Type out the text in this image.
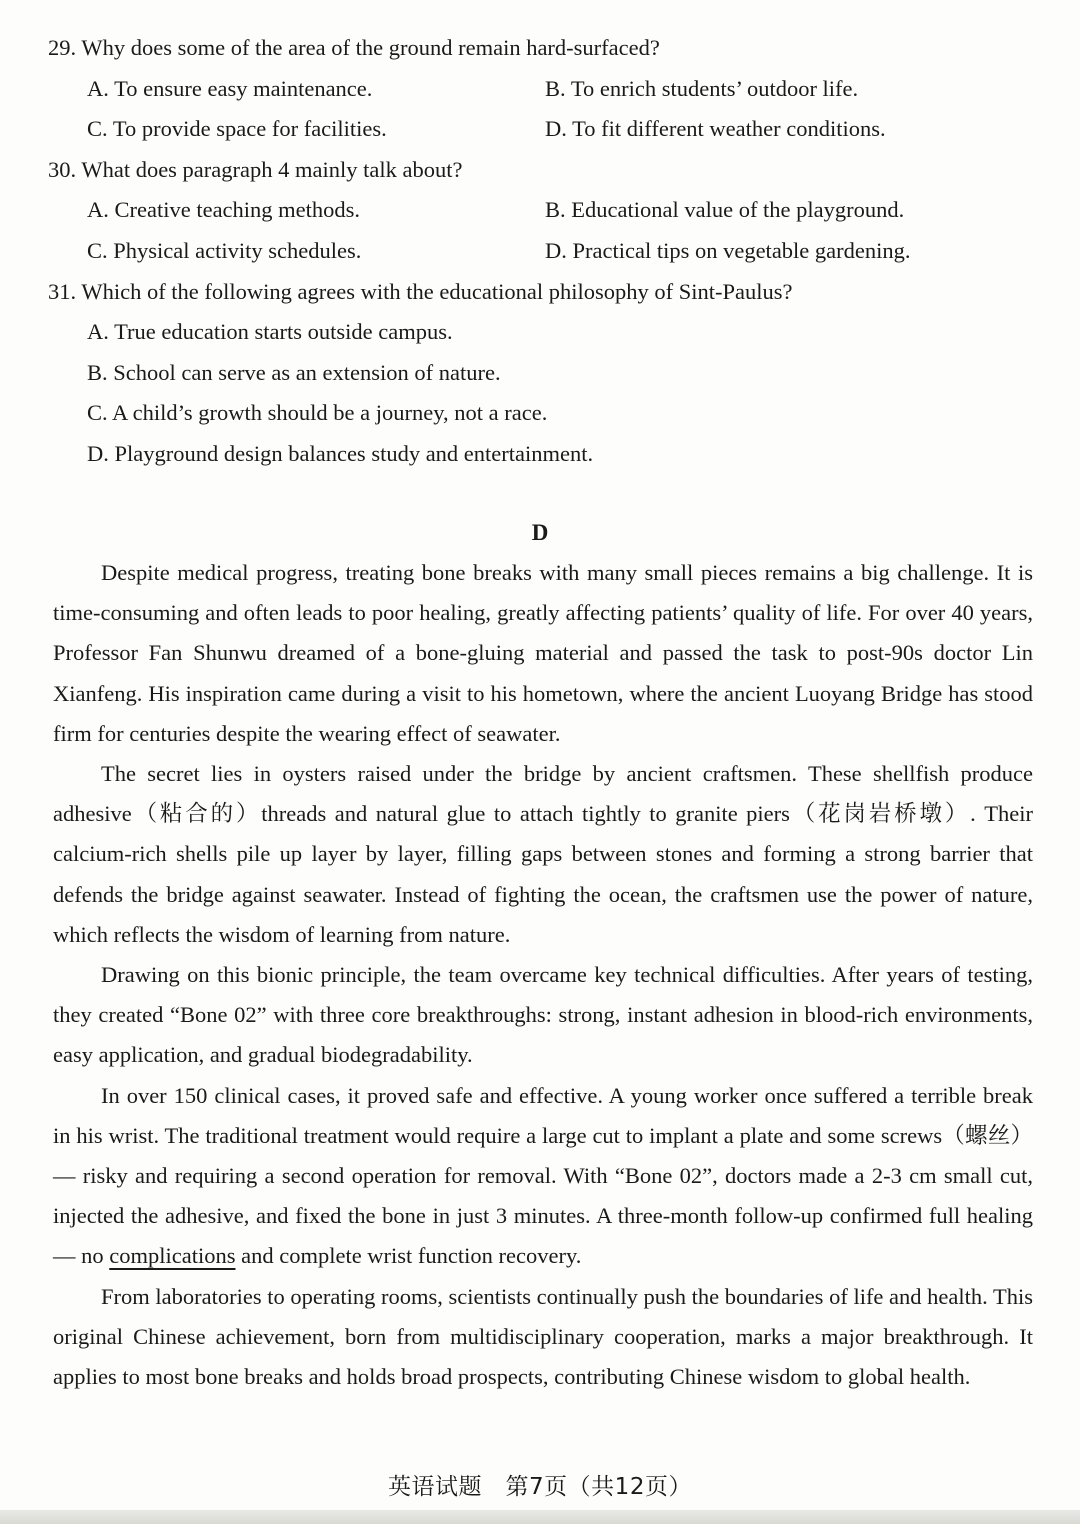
29. Why does some of the area of the ground remain hard-surfaced?
A. To ensure easy maintenance.	B. To enrich students’ outdoor life.
C. To provide space for facilities.	D. To fit different weather conditions.
30. What does paragraph 4 mainly talk about?
A. Creative teaching methods.	B. Educational value of the playground.
C. Physical activity schedules.	D. Practical tips on vegetable gardening.
31. Which of the following agrees with the educational philosophy of Sint-Paulus?
A. True education starts outside campus.
B. School can serve as an extension of nature.
C. A child’s growth should be a journey, not a race.
D. Playground design balances study and entertainment.
D

Despite medical progress, treating bone breaks with many small pieces remains a big challenge. It is time-consuming and often leads to poor healing, greatly affecting patients’ quality of life. For over 40 years, Professor Fan Shunwu dreamed of a bone-gluing material and passed the task to post-90s doctor Lin Xianfeng. His inspiration came during a visit to his hometown, where the ancient Luoyang Bridge has stood firm for centuries despite the wearing effect of seawater.

The secret lies in oysters raised under the bridge by ancient craftsmen. These shellfish produce adhesive（粘合的）threads and natural glue to attach tightly to granite piers（花岗岩桥墩）. Their calcium-rich shells pile up layer by layer, filling gaps between stones and forming a strong barrier that defends the bridge against seawater. Instead of fighting the ocean, the craftsmen use the power of nature, which reflects the wisdom of learning from nature.

Drawing on this bionic principle, the team overcame key technical difficulties. After years of testing, they created “Bone 02” with three core breakthroughs: strong, instant adhesion in blood-rich environments, easy application, and gradual biodegradability.

In over 150 clinical cases, it proved safe and effective. A young worker once suffered a terrible break in his wrist. The traditional treatment would require a large cut to implant a plate and some screws（螺丝）— risky and requiring a second operation for removal. With “Bone 02”, doctors made a 2-3 cm small cut, injected the adhesive, and fixed the bone in just 3 minutes. A three-month follow-up confirmed full healing — no complications and complete wrist function recovery.

From laboratories to operating rooms, scientists continually push the boundaries of life and health. This original Chinese achievement, born from multidisciplinary cooperation, marks a major breakthrough. It applies to most bone breaks and holds broad prospects, contributing Chinese wisdom to global health.

英语试题　第7页（共12页）
